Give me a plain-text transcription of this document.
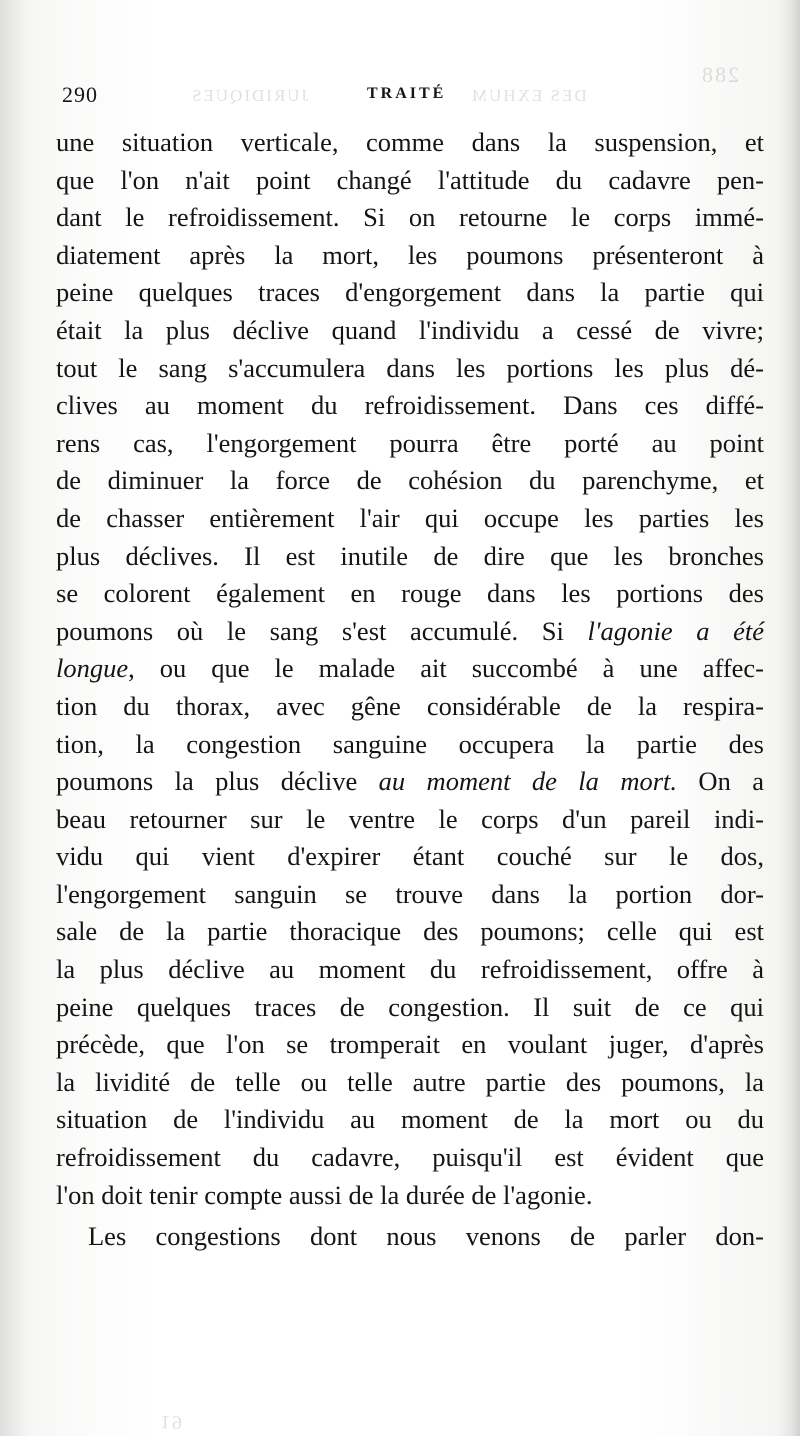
288
JURIDIQUES	DES EXHUM
19
290	TRAITÉ
une situation verticale, comme dans la suspension, et
que l'on n'ait point changé l'attitude du cadavre pen-
dant le refroidissement. Si on retourne le corps immé-
diatement après la mort, les poumons présenteront à
peine quelques traces d'engorgement dans la partie qui
était la plus déclive quand l'individu a cessé de vivre;
tout le sang s'accumulera dans les portions les plus dé-
clives au moment du refroidissement. Dans ces diffé-
rens cas, l'engorgement pourra être porté au point
de diminuer la force de cohésion du parenchyme, et
de chasser entièrement l'air qui occupe les parties les
plus déclives. Il est inutile de dire que les bronches
se colorent également en rouge dans les portions des
poumons où le sang s'est accumulé. Si l'agonie a été
longue, ou que le malade ait succombé à une affec-
tion du thorax, avec gêne considérable de la respira-
tion, la congestion sanguine occupera la partie des
poumons la plus déclive au moment de la mort. On a
beau retourner sur le ventre le corps d'un pareil indi-
vidu qui vient d'expirer étant couché sur le dos,
l'engorgement sanguin se trouve dans la portion dor-
sale de la partie thoracique des poumons; celle qui est
la plus déclive au moment du refroidissement, offre à
peine quelques traces de congestion. Il suit de ce qui
précède, que l'on se tromperait en voulant juger, d'après
la lividité de telle ou telle autre partie des poumons, la
situation de l'individu au moment de la mort ou du
refroidissement du cadavre, puisqu'il est évident que
l'on doit tenir compte aussi de la durée de l'agonie.
Les congestions dont nous venons de parler don-
